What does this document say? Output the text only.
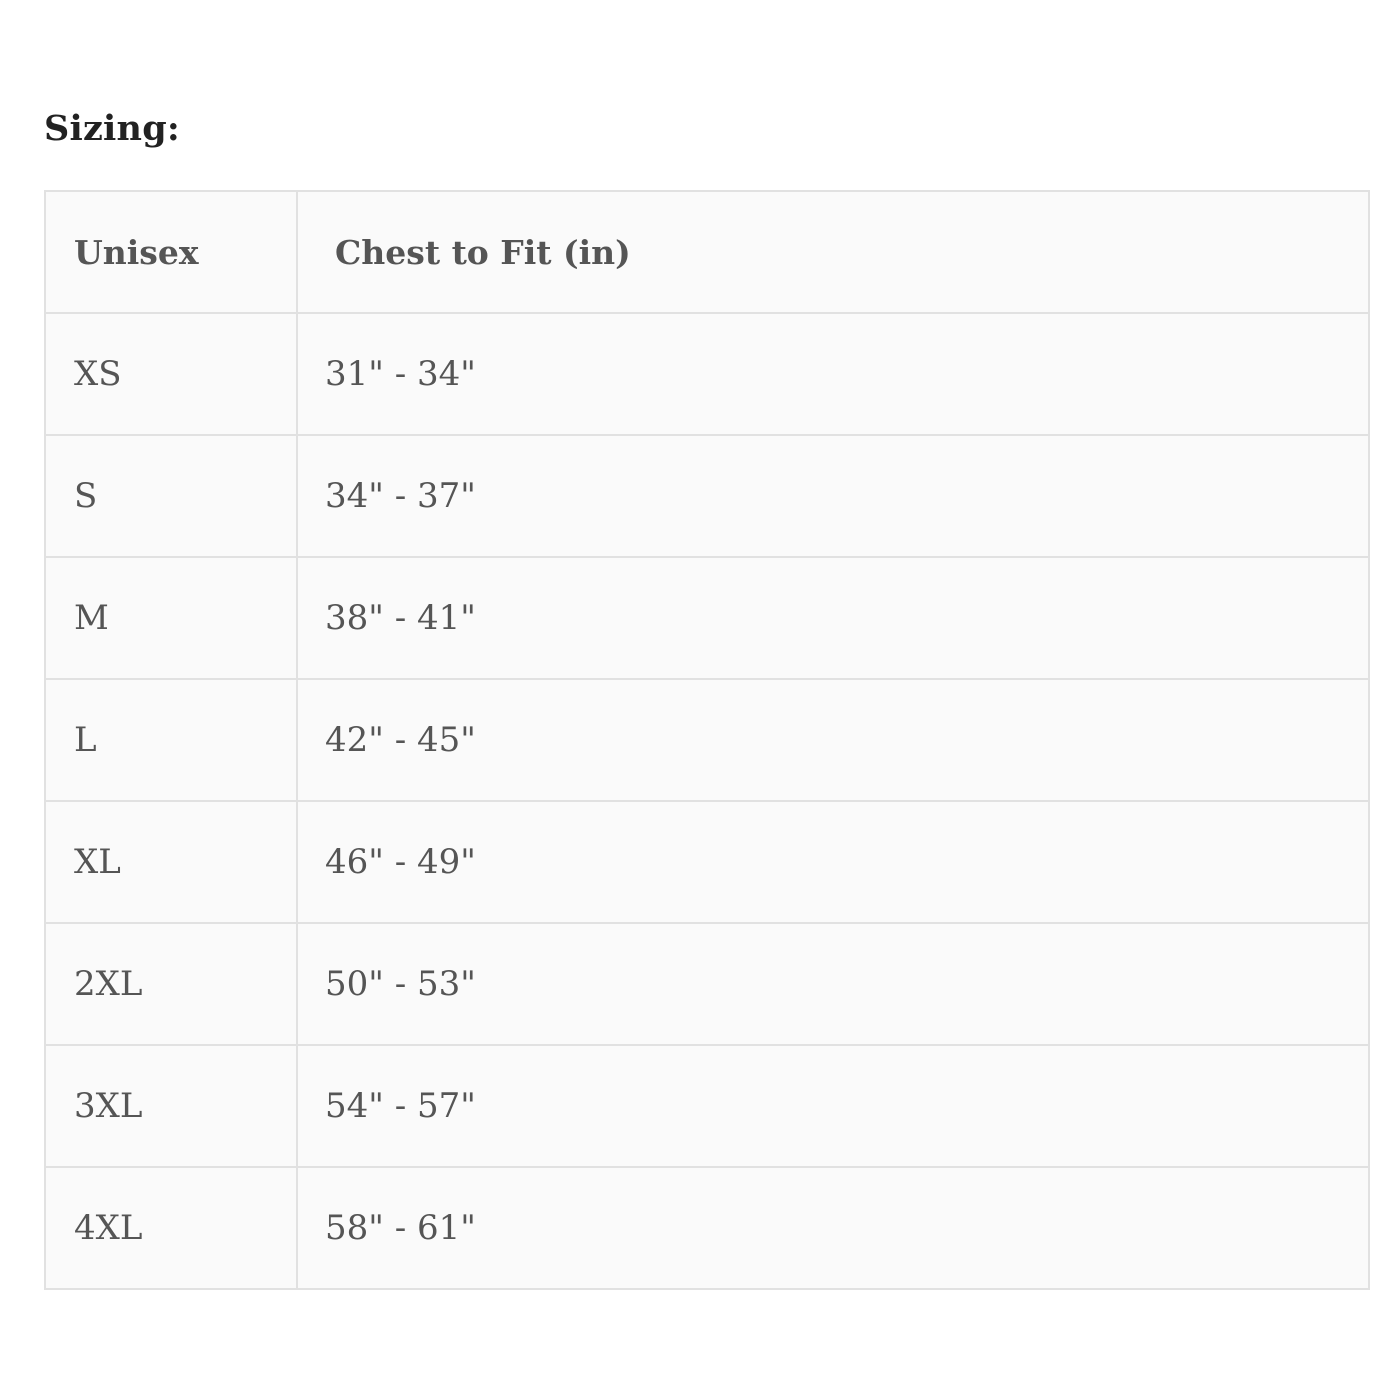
Sizing:
Unisex	Chest to Fit (in)
XS	31" - 34"
S	34" - 37"
M	38" - 41"
L	42" - 45"
XL	46" - 49"
2XL	50" - 53"
3XL	54" - 57"
4XL	58" - 61"
